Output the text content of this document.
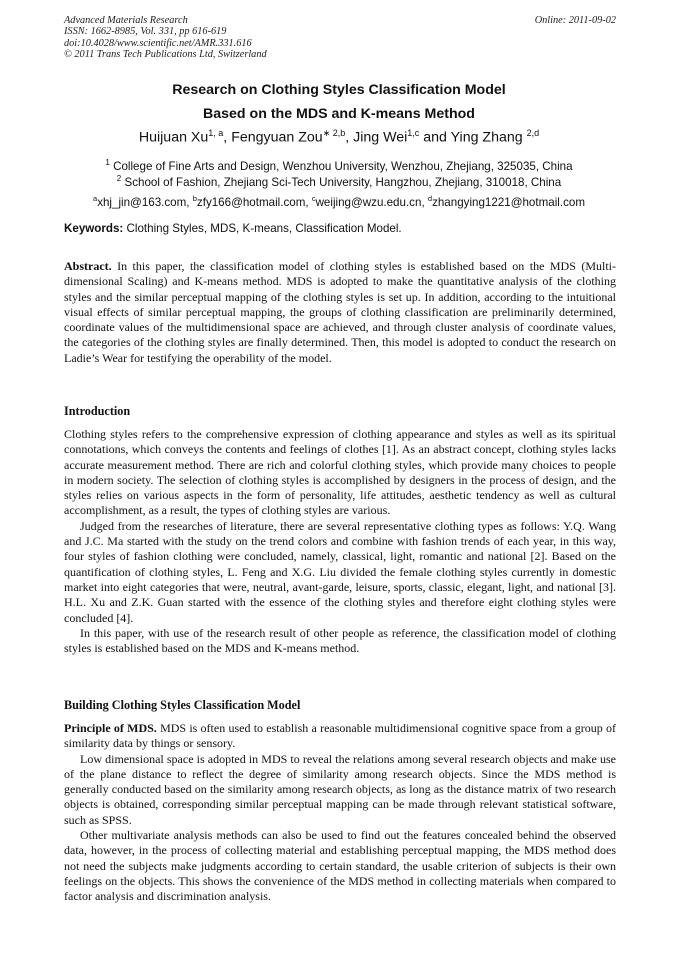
Advanced Materials Research
ISSN: 1662-8985, Vol. 331, pp 616-619
doi:10.4028/www.scientific.net/AMR.331.616
© 2011 Trans Tech Publications Ltd, Switzerland
Online: 2011-09-02
Research on Clothing Styles Classification Model
Based on the MDS and K-means Method
Huijuan Xu$^{1, a}$, Fengyuan Zou$^{∗ 2,b}$, Jing Wei$^{1,c}$ and Ying Zhang $^{2,d}$
$^1$ College of Fine Arts and Design, Wenzhou University, Wenzhou, Zhejiang, 325035, China
$^2$ School of Fashion, Zhejiang Sci-Tech University, Hangzhou, Zhejiang, 310018, China
$^a$xhj_jin@163.com, $^b$zfy166@hotmail.com, $^c$weijing@wzu.edu.cn, $^d$zhangying1221@hotmail.com
Keywords: Clothing Styles, MDS, K-means, Classification Model.

Abstract. In this paper, the classification model of clothing styles is established based on the MDS (Multi-dimensional Scaling) and K-means method. MDS is adopted to make the quantitative analysis of the clothing styles and the similar perceptual mapping of the clothing styles is set up. In addition, according to the intuitional visual effects of similar perceptual mapping, the groups of clothing classification are preliminarily determined, coordinate values of the multidimensional space are achieved, and through cluster analysis of coordinate values, the categories of the clothing styles are finally determined. Then, this model is adopted to conduct the research on Ladie’s Wear for testifying the operability of the model.

Introduction

Clothing styles refers to the comprehensive expression of clothing appearance and styles as well as its spiritual connotations, which conveys the contents and feelings of clothes [1]. As an abstract concept, clothing styles lacks accurate measurement method. There are rich and colorful clothing styles, which provide many choices to people in modern society. The selection of clothing styles is accomplished by designers in the process of design, and the styles relies on various aspects in the form of personality, life attitudes, aesthetic tendency as well as cultural accomplishment, as a result, the types of clothing styles are various.

Judged from the researches of literature, there are several representative clothing types as follows: Y.Q. Wang and J.C. Ma started with the study on the trend colors and combine with fashion trends of each year, in this way, four styles of fashion clothing were concluded, namely, classical, light, romantic and national [2]. Based on the quantification of clothing styles, L. Feng and X.G. Liu divided the female clothing styles currently in domestic market into eight categories that were, neutral, avant-garde, leisure, sports, classic, elegant, light, and national [3]. H.L. Xu and Z.K. Guan started with the essence of the clothing styles and therefore eight clothing styles were concluded [4].

In this paper, with use of the research result of other people as reference, the classification model of clothing styles is established based on the MDS and K-means method.

Building Clothing Styles Classification Model

Principle of MDS. MDS is often used to establish a reasonable multidimensional cognitive space from a group of similarity data by things or sensory.

Low dimensional space is adopted in MDS to reveal the relations among several research objects and make use of the plane distance to reflect the degree of similarity among research objects. Since the MDS method is generally conducted based on the similarity among research objects, as long as the distance matrix of two research objects is obtained, corresponding similar perceptual mapping can be made through relevant statistical software, such as SPSS.

Other multivariate analysis methods can also be used to find out the features concealed behind the observed data, however, in the process of collecting material and establishing perceptual mapping, the MDS method does not need the subjects make judgments according to certain standard, the usable criterion of subjects is their own feelings on the objects. This shows the convenience of the MDS method in collecting materials when compared to factor analysis and discrimination analysis.
